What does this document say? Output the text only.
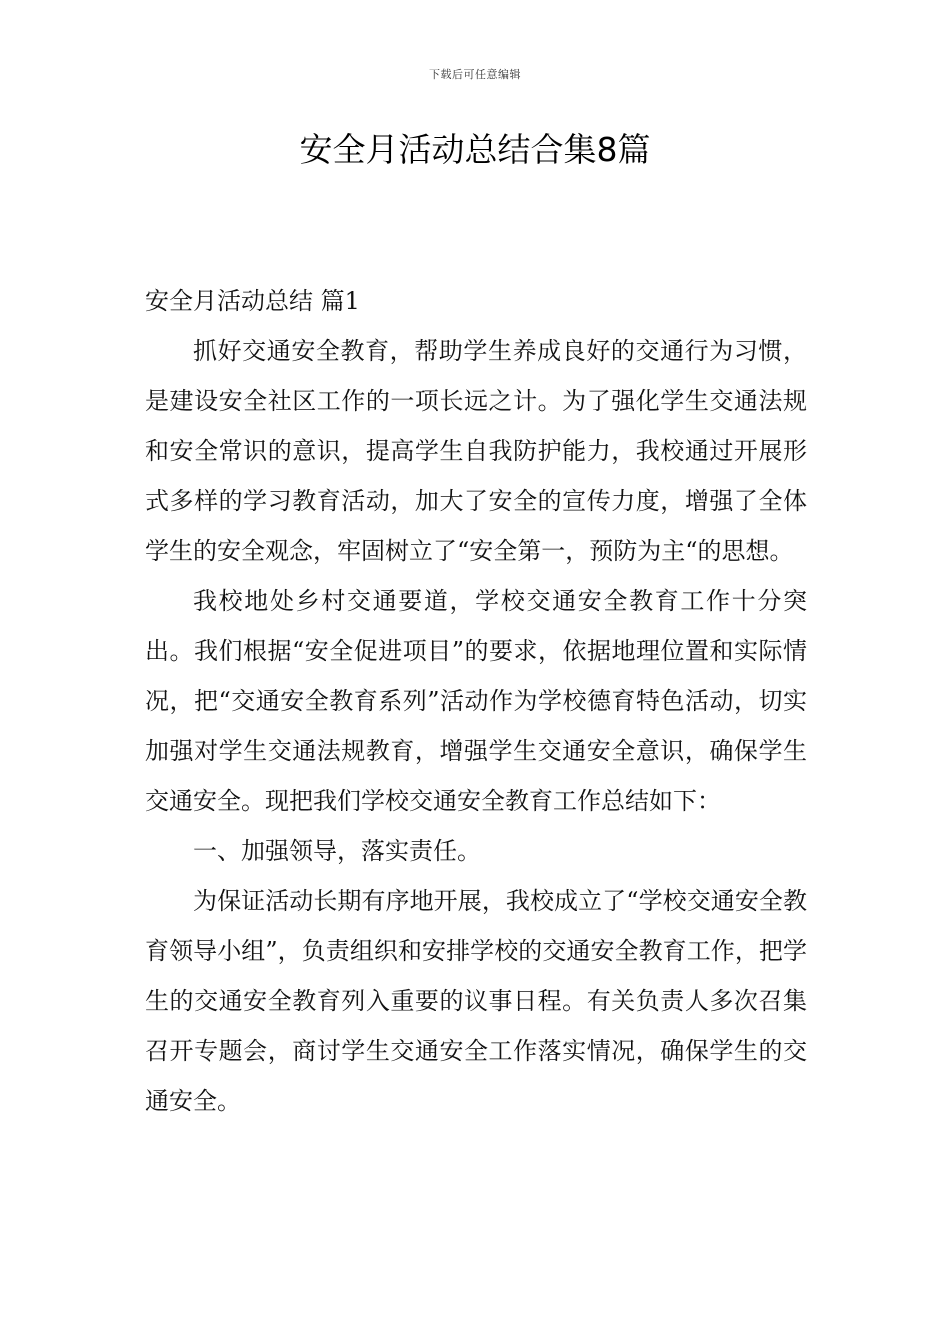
下载后可任意编辑
安全月活动总结合集8篇
安全月活动总结 篇1

抓好交通安全教育，帮助学生养成良好的交通行为习惯，是建设安全社区工作的一项长远之计。为了强化学生交通法规和安全常识的意识，提高学生自我防护能力，我校通过开展形式多样的学习教育活动，加大了安全的宣传力度，增强了全体学生的安全观念，牢固树立了“安全第一，预防为主“的思想。

我校地处乡村交通要道，学校交通安全教育工作十分突出。我们根据“安全促进项目”的要求，依据地理位置和实际情况，把“交通安全教育系列”活动作为学校德育特色活动，切实加强对学生交通法规教育，增强学生交通安全意识，确保学生交通安全。现把我们学校交通安全教育工作总结如下：

一、加强领导，落实责任。

为保证活动长期有序地开展，我校成立了“学校交通安全教育领导小组”，负责组织和安排学校的交通安全教育工作，把学生的交通安全教育列入重要的议事日程。有关负责人多次召集召开专题会，商讨学生交通安全工作落实情况，确保学生的交通安全。
